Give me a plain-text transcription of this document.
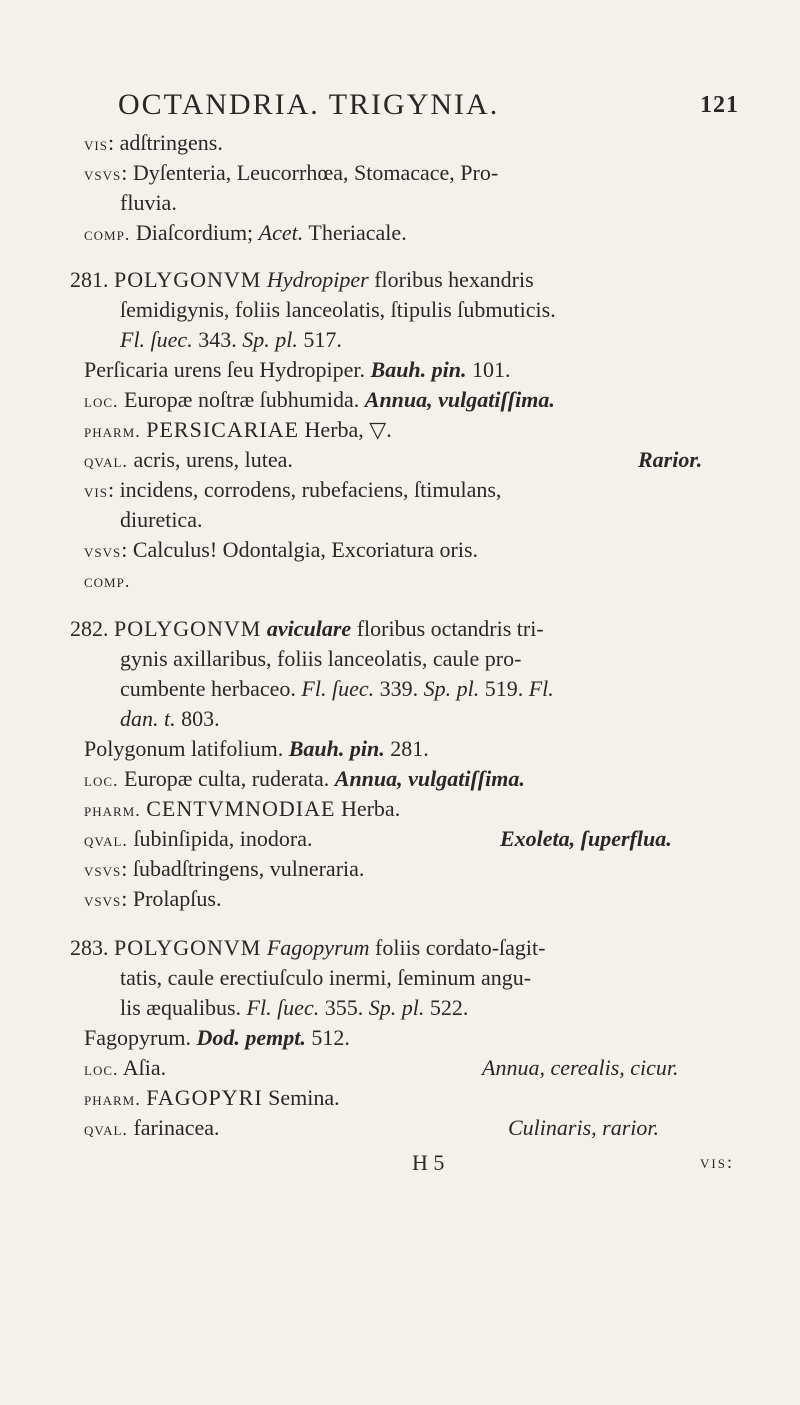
OCTANDRIA. TRIGYNIA.	121
vis: adſtringens.
vsvs: Dyſenteria, Leucorrhœa, Stomacace, Pro-
fluvia.
comp. Diaſcordium; Acet. Theriacale.
281. POLYGONVM Hydropiper floribus hexandris
ſemidigynis, foliis lanceolatis, ſtipulis ſubmuticis.
Fl. ſuec. 343. Sp. pl. 517.
Perſicaria urens ſeu Hydropiper. Bauh. pin. 101.
loc. Europæ noſtræ ſubhumida. Annua, vulgatiſſima.
pharm. PERSICARIAE Herba, ▽.
qval. acris, urens, lutea.	Rarior.
vis: incidens, corrodens, rubefaciens, ſtimulans,
diuretica.
vsvs: Calculus! Odontalgia, Excoriatura oris.
comp.
282. POLYGONVM aviculare floribus octandris tri-
gynis axillaribus, foliis lanceolatis, caule pro-
cumbente herbaceo. Fl. ſuec. 339. Sp. pl. 519. Fl.
dan. t. 803.
Polygonum latifolium. Bauh. pin. 281.
loc. Europæ culta, ruderata. Annua, vulgatiſſima.
pharm. CENTVMNODIAE Herba.
qval. ſubinſipida, inodora.	Exoleta, ſuperflua.
vsvs: ſubadſtringens, vulneraria.
vsvs: Prolapſus.
283. POLYGONVM Fagopyrum foliis cordato-ſagit-
tatis, caule erectiuſculo inermi, ſeminum angu-
lis æqualibus. Fl. ſuec. 355. Sp. pl. 522.
Fagopyrum. Dod. pempt. 512.
loc. Aſia.	Annua, cerealis, cicur.
pharm. FAGOPYRI Semina.
qval. farinacea.	Culinaris, rarior.
H 5	vis:
